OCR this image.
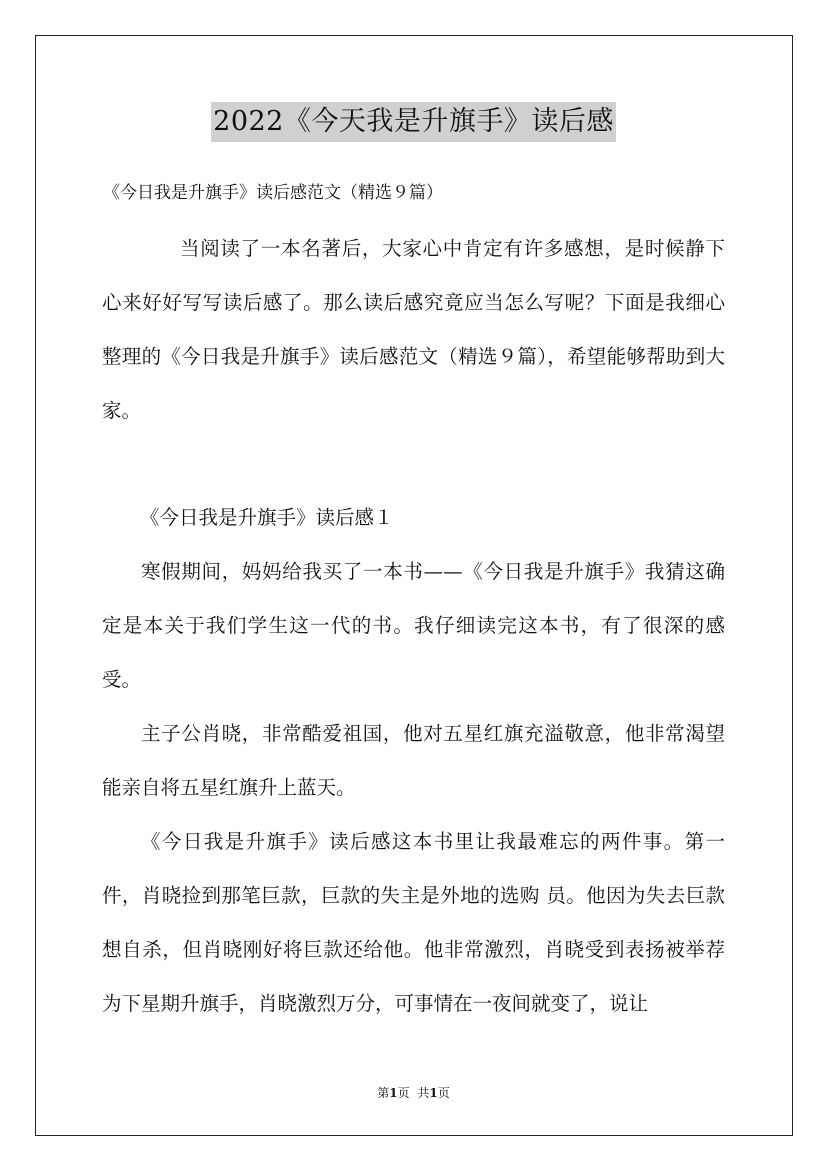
2022《今天我是升旗手》读后感
《今日我是升旗手》读后感范文（精选９篇）

当阅读了一本名著后，大家心中肯定有许多感想，是时候静下心来好好写写读后感了。那么读后感究竟应当怎么写呢？下面是我细心整理的《今日我是升旗手》读后感范文（精选９篇），希望能够帮助到大家。

《今日我是升旗手》读后感１

寒假期间，妈妈给我买了一本书——《今日我是升旗手》我猜这确定是本关于我们学生这一代的书。我仔细读完这本书，有了很深的感受。

主子公肖晓，非常酷爱祖国，他对五星红旗充溢敬意，他非常渴望能亲自将五星红旗升上蓝天。

《今日我是升旗手》读后感这本书里让我最难忘的两件事。第一件，肖晓捡到那笔巨款，巨款的失主是外地的选购 员。他因为失去巨款想自杀，但肖晓刚好将巨款还给他。他非常激烈，肖晓受到表扬被举荐为下星期升旗手，肖晓激烈万分，可事情在一夜间就变了，说让

第1页 共1页
